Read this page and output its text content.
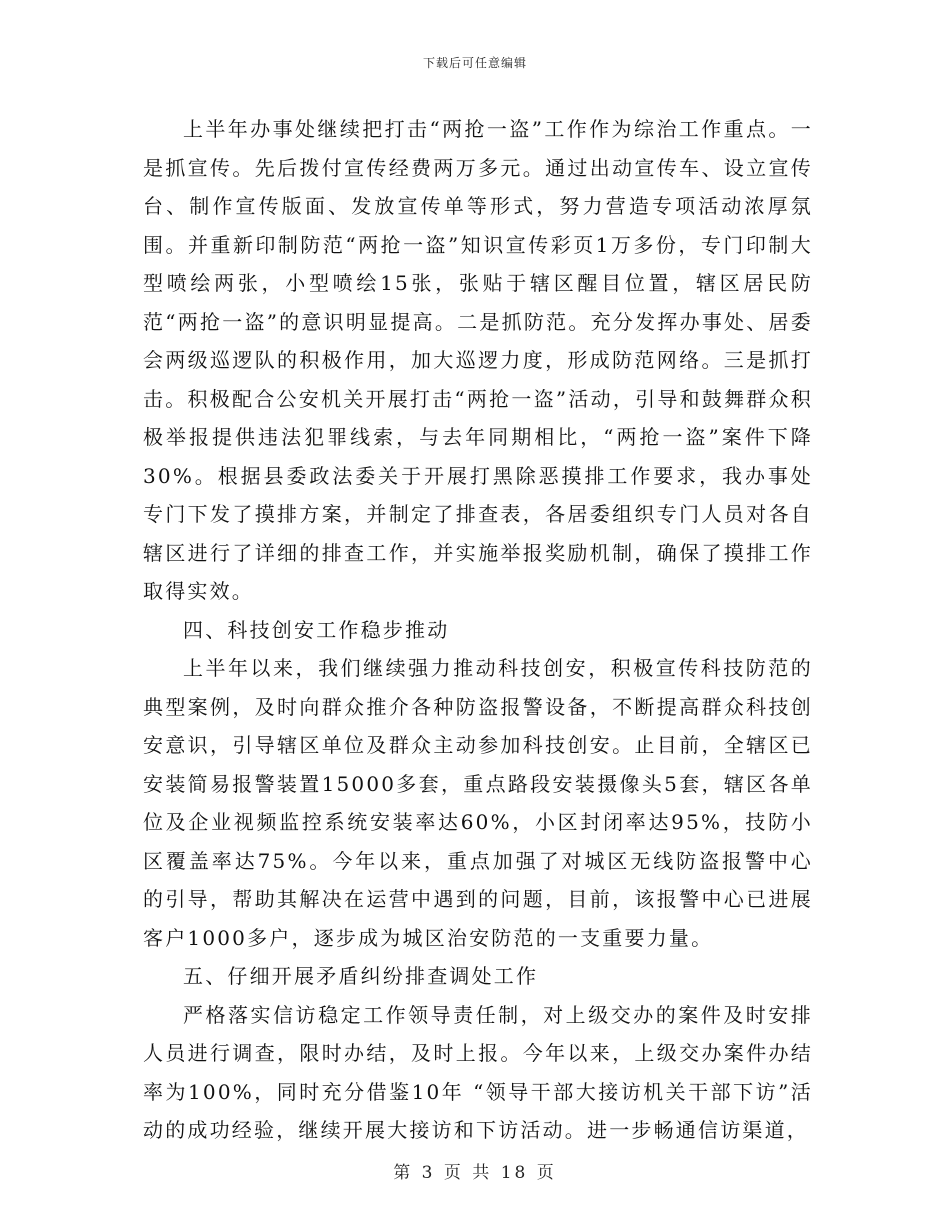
下载后可任意编辑

上半年办事处继续把打击“两抢一盗”工作作为综治工作重点。一是抓宣传。先后拨付宣传经费两万多元。通过出动宣传车、设立宣传台、制作宣传版面、发放宣传单等形式，努力营造专项活动浓厚氛围。并重新印制防范“两抢一盗”知识宣传彩页1万多份，专门印制大型喷绘两张，小型喷绘15张，张贴于辖区醒目位置，辖区居民防范“两抢一盗”的意识明显提高。二是抓防范。充分发挥办事处、居委会两级巡逻队的积极作用，加大巡逻力度，形成防范网络。三是抓打击。积极配合公安机关开展打击“两抢一盗”活动，引导和鼓舞群众积极举报提供违法犯罪线索，与去年同期相比，“两抢一盗”案件下降30%。根据县委政法委关于开展打黑除恶摸排工作要求，我办事处专门下发了摸排方案，并制定了排查表，各居委组织专门人员对各自辖区进行了详细的排查工作，并实施举报奖励机制，确保了摸排工作取得实效。

四、科技创安工作稳步推动

上半年以来，我们继续强力推动科技创安，积极宣传科技防范的典型案例，及时向群众推介各种防盗报警设备，不断提高群众科技创安意识，引导辖区单位及群众主动参加科技创安。止目前，全辖区已安装简易报警装置15000多套，重点路段安装摄像头5套，辖区各单位及企业视频监控系统安装率达60%，小区封闭率达95%，技防小区覆盖率达75%。今年以来，重点加强了对城区无线防盗报警中心的引导，帮助其解决在运营中遇到的问题，目前，该报警中心已进展客户1000多户，逐步成为城区治安防范的一支重要力量。

五、仔细开展矛盾纠纷排查调处工作

严格落实信访稳定工作领导责任制，对上级交办的案件及时安排人员进行调查，限时办结，及时上报。今年以来，上级交办案件办结率为100%，同时充分借鉴10年 “领导干部大接访机关干部下访”活动的成功经验，继续开展大接访和下访活动。进一步畅通信访渠道，

第 3 页 共 18 页
